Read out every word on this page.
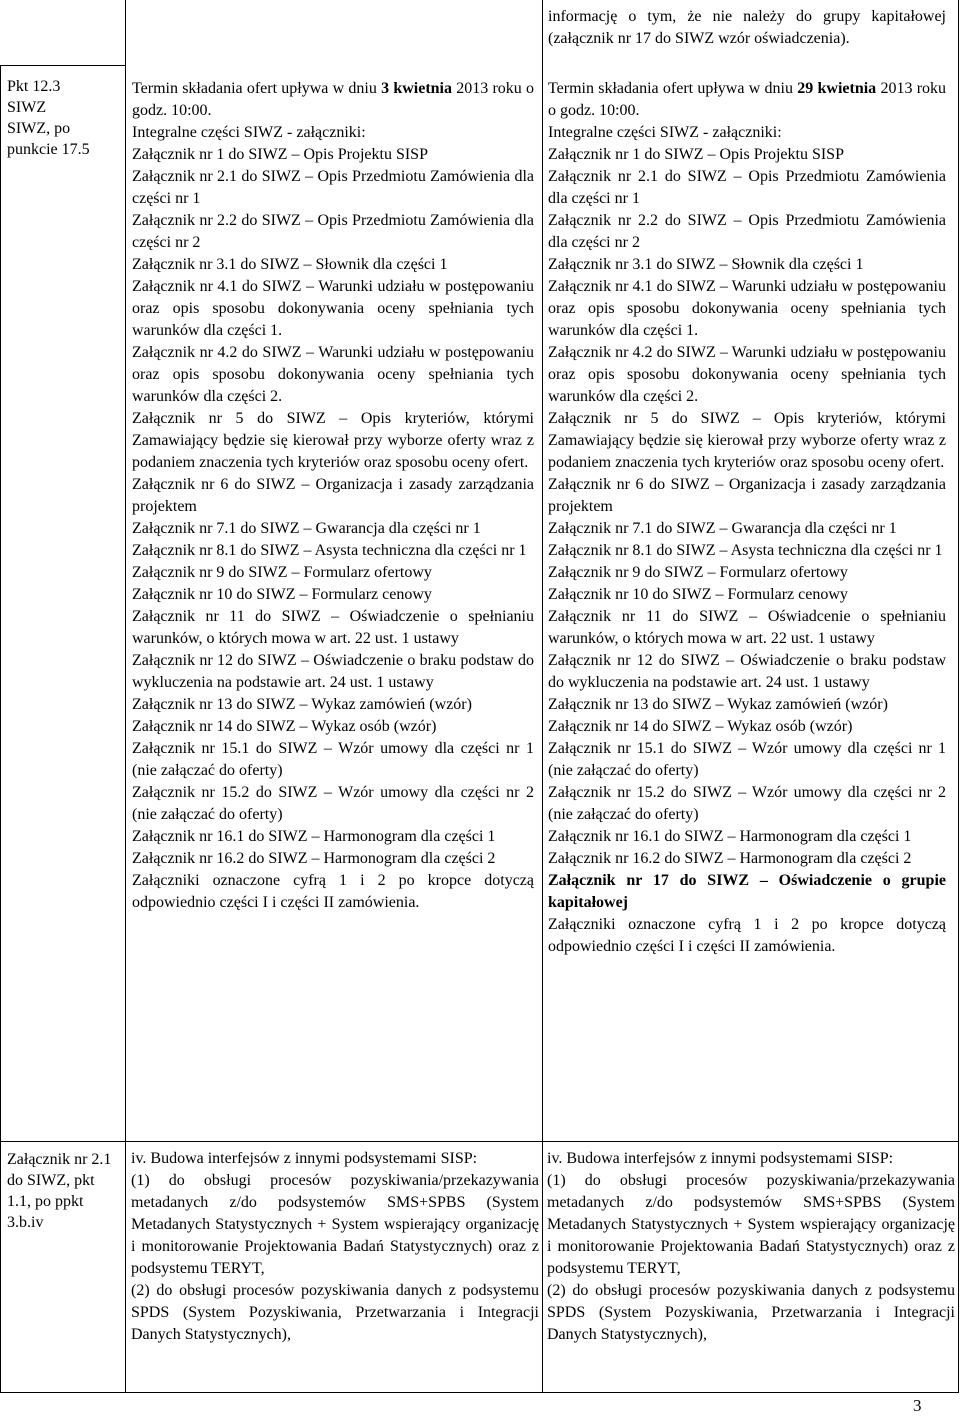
informację o tym, że nie należy do grupy kapitałowej (załącznik nr 17 do SIWZ wzór oświadczenia).

Pkt 12.3

SIWZ

SIWZ, po

punkcie 17.5

Termin składania ofert upływa w dniu 3 kwietnia 2013 roku o godz. 10:00.

Integralne części SIWZ - załączniki:

Załącznik nr 1 do SIWZ – Opis Projektu SISP

Załącznik nr 2.1 do SIWZ – Opis Przedmiotu Zamówienia dla części nr 1

Załącznik nr 2.2 do SIWZ – Opis Przedmiotu Zamówienia dla części nr 2

Załącznik nr 3.1 do SIWZ – Słownik dla części 1

Załącznik nr 4.1 do SIWZ – Warunki udziału w postępowaniu oraz opis sposobu dokonywania oceny spełniania tych warunków dla części 1.

Załącznik nr 4.2 do SIWZ – Warunki udziału w postępowaniu oraz opis sposobu dokonywania oceny spełniania tych warunków dla części 2.

Załącznik nr 5 do SIWZ – Opis kryteriów, którymi Zamawiający będzie się kierował przy wyborze oferty wraz z podaniem znaczenia tych kryteriów oraz sposobu oceny ofert.

Załącznik nr 6 do SIWZ – Organizacja i zasady zarządzania projektem

Załącznik nr 7.1 do SIWZ – Gwarancja dla części nr 1

Załącznik nr 8.1 do SIWZ – Asysta techniczna dla części nr 1

Załącznik nr 9 do SIWZ – Formularz ofertowy

Załącznik nr 10 do SIWZ – Formularz cenowy

Załącznik nr 11 do SIWZ – Oświadczenie o spełnianiu warunków, o których mowa w art. 22 ust. 1 ustawy

Załącznik nr 12 do SIWZ – Oświadczenie o braku podstaw do wykluczenia na podstawie art. 24 ust. 1 ustawy

Załącznik nr 13 do SIWZ – Wykaz zamówień (wzór)

Załącznik nr 14 do SIWZ – Wykaz osób (wzór)

Załącznik nr 15.1 do SIWZ – Wzór umowy dla części nr 1 (nie załączać do oferty)

Załącznik nr 15.2 do SIWZ – Wzór umowy dla części nr 2 (nie załączać do oferty)

Załącznik nr 16.1 do SIWZ – Harmonogram dla części 1

Załącznik nr 16.2 do SIWZ – Harmonogram dla części 2

Załączniki oznaczone cyfrą 1 i 2 po kropce dotyczą odpowiednio części I i części II zamówienia.

Termin składania ofert upływa w dniu 29 kwietnia 2013 roku o godz. 10:00.

Integralne części SIWZ - załączniki:

Załącznik nr 1 do SIWZ – Opis Projektu SISP

Załącznik nr 2.1 do SIWZ – Opis Przedmiotu Zamówienia dla części nr 1

Załącznik nr 2.2 do SIWZ – Opis Przedmiotu Zamówienia dla części nr 2

Załącznik nr 3.1 do SIWZ – Słownik dla części 1

Załącznik nr 4.1 do SIWZ – Warunki udziału w postępowaniu oraz opis sposobu dokonywania oceny spełniania tych warunków dla części 1.

Załącznik nr 4.2 do SIWZ – Warunki udziału w postępowaniu oraz opis sposobu dokonywania oceny spełniania tych warunków dla części 2.

Załącznik nr 5 do SIWZ – Opis kryteriów, którymi Zamawiający będzie się kierował przy wyborze oferty wraz z podaniem znaczenia tych kryteriów oraz sposobu oceny ofert.

Załącznik nr 6 do SIWZ – Organizacja i zasady zarządzania projektem

Załącznik nr 7.1 do SIWZ – Gwarancja dla części nr 1

Załącznik nr 8.1 do SIWZ – Asysta techniczna dla części nr 1

Załącznik nr 9 do SIWZ – Formularz ofertowy

Załącznik nr 10 do SIWZ – Formularz cenowy

Załącznik nr 11 do SIWZ – Oświadcenie o spełnianiu warunków, o których mowa w art. 22 ust. 1 ustawy

Załącznik nr 12 do SIWZ – Oświadczenie o braku podstaw do wykluczenia na podstawie art. 24 ust. 1 ustawy

Załącznik nr 13 do SIWZ – Wykaz zamówień (wzór)

Załącznik nr 14 do SIWZ – Wykaz osób (wzór)

Załącznik nr 15.1 do SIWZ – Wzór umowy dla części nr 1 (nie załączać do oferty)

Załącznik nr 15.2 do SIWZ – Wzór umowy dla części nr 2 (nie załączać do oferty)

Załącznik nr 16.1 do SIWZ – Harmonogram dla części 1

Załącznik nr 16.2 do SIWZ – Harmonogram dla części 2

Załącznik nr 17 do SIWZ – Oświadczenie o grupie kapitałowej

Załączniki oznaczone cyfrą 1 i 2 po kropce dotyczą odpowiednio części I i części II zamówienia.

Załącznik nr 2.1 do SIWZ, pkt 1.1, po ppkt 3.b.iv

iv. Budowa interfejsów z innymi podsystemami SISP:

(1) do obsługi procesów pozyskiwania/przekazywania metadanych z/do podsystemów SMS+SPBS (System Metadanych Statystycznych + System wspierający organizację i monitorowanie Projektowania Badań Statystycznych) oraz z podsystemu TERYT,

(2) do obsługi procesów pozyskiwania danych z podsystemu SPDS (System Pozyskiwania, Przetwarzania i Integracji Danych Statystycznych),

iv. Budowa interfejsów z innymi podsystemami SISP:

(1) do obsługi procesów pozyskiwania/przekazywania metadanych z/do podsystemów SMS+SPBS (System Metadanych Statystycznych + System wspierający organizację i monitorowanie Projektowania Badań Statystycznych) oraz z podsystemu TERYT,

(2) do obsługi procesów pozyskiwania danych z podsystemu SPDS (System Pozyskiwania, Przetwarzania i Integracji Danych Statystycznych),

3
